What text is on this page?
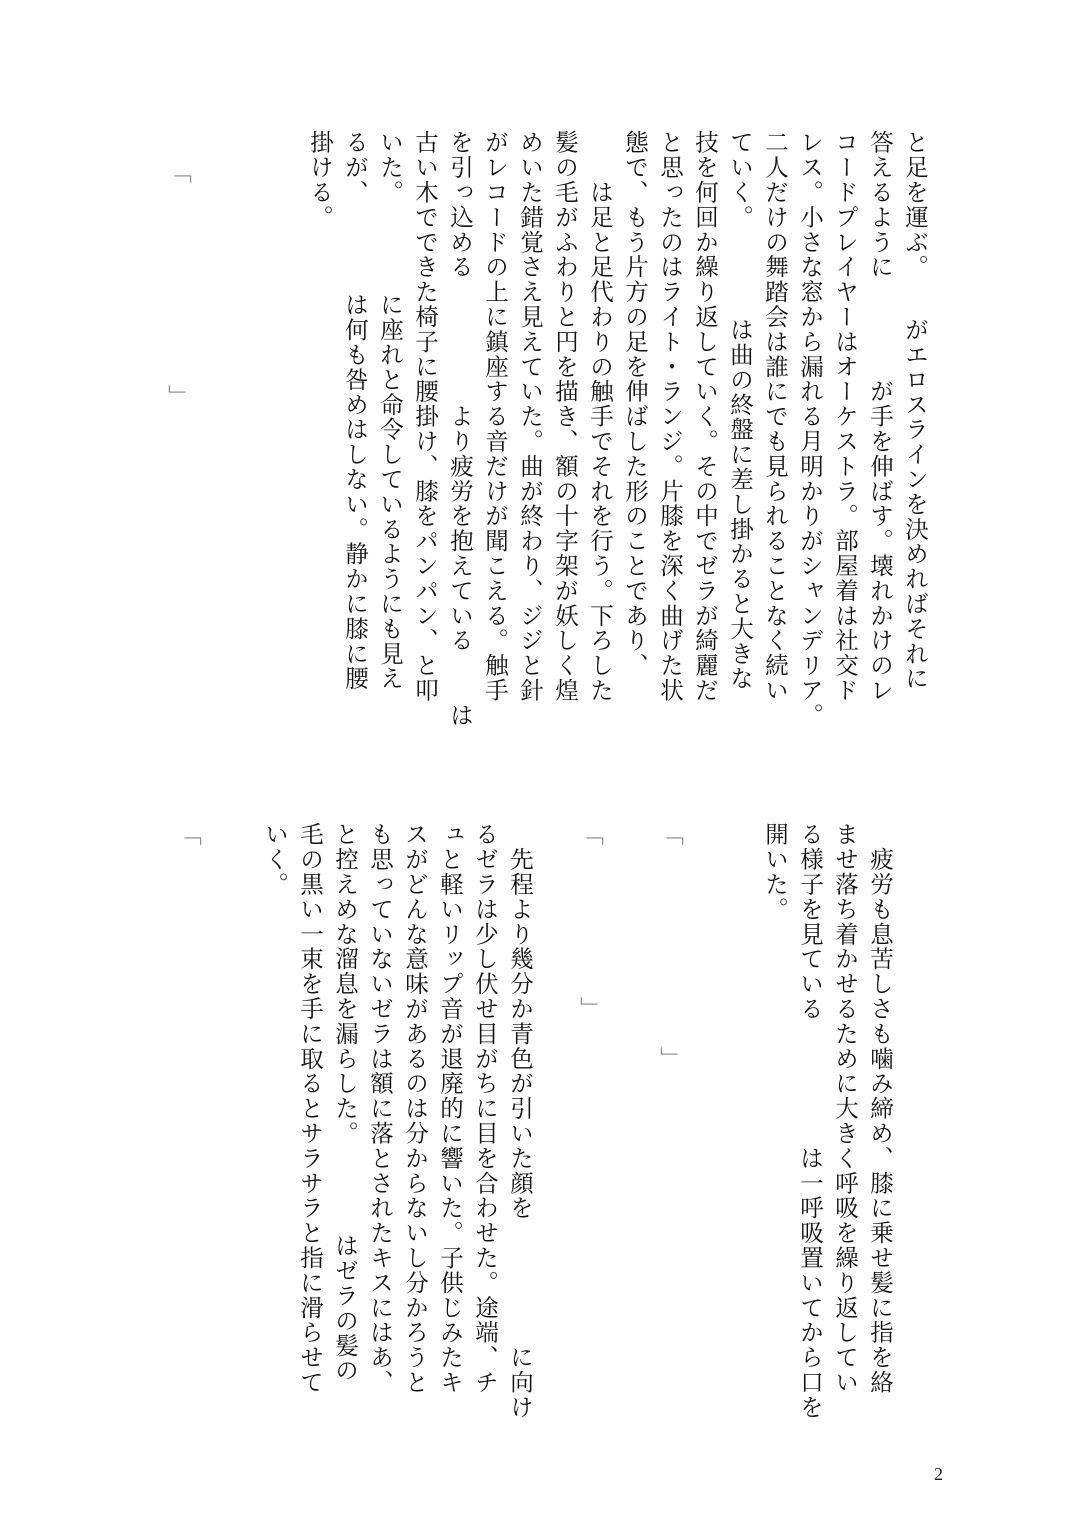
と足を運ぶ。　　がエロスラインを決めればそれに

答えるように　　　　が手を伸ばす。壊れかけのレ

コードプレイヤーはオーケストラ。部屋着は社交ド

レス。小さな窓から漏れる月明かりがシャンデリア。

二人だけの舞踏会は誰にでも見られることなく続い

ていく。　　　　は曲の終盤に差し掛かると大きな

技を何回か繰り返していく。その中でゼラが綺麗だ

と思ったのはライト・ランジ。片膝を深く曲げた状

態で、もう片方の足を伸ばした形のことであり、

　　は足と足代わりの触手でそれを行う。下ろした

髪の毛がふわりと円を描き、額の十字架が妖しく煌

めいた錯覚さえ見えていた。曲が終わり、ジジと針

がレコードの上に鎮座する音だけが聞こえる。触手

を引っ込める　　　　　より疲労を抱えている　　は

古い木でできた椅子に腰掛け、膝をパンパン、と叩

いた。　　　　に座れと命令しているようにも見え

るが、　　　　は何も咎めはしない。静かに膝に腰

掛ける。

「　　　　　　　　」

　疲労も息苦しさも噛み締め、膝に乗せ髪に指を絡

ませ落ち着かせるために大きく呼吸を繰り返してい

る様子を見ている　　　　　は一呼吸置いてから口を

開いた。

「　　　　　　　　」

「　　　　　　」

　先程より幾分か青色が引いた顔を　　　　　に向け

るゼラは少し伏せ目がちに目を合わせた。途端、チ

ュと軽いリップ音が退廃的に響いた。子供じみたキ

スがどんな意味があるのは分からないし分かろうと

も思っていないゼラは額に落とされたキスにはあ、

と控えめな溜息を漏らした。　　　　はゼラの髪の

毛の黒い一束を手に取るとサラサラと指に滑らせて

いく。

「

2
